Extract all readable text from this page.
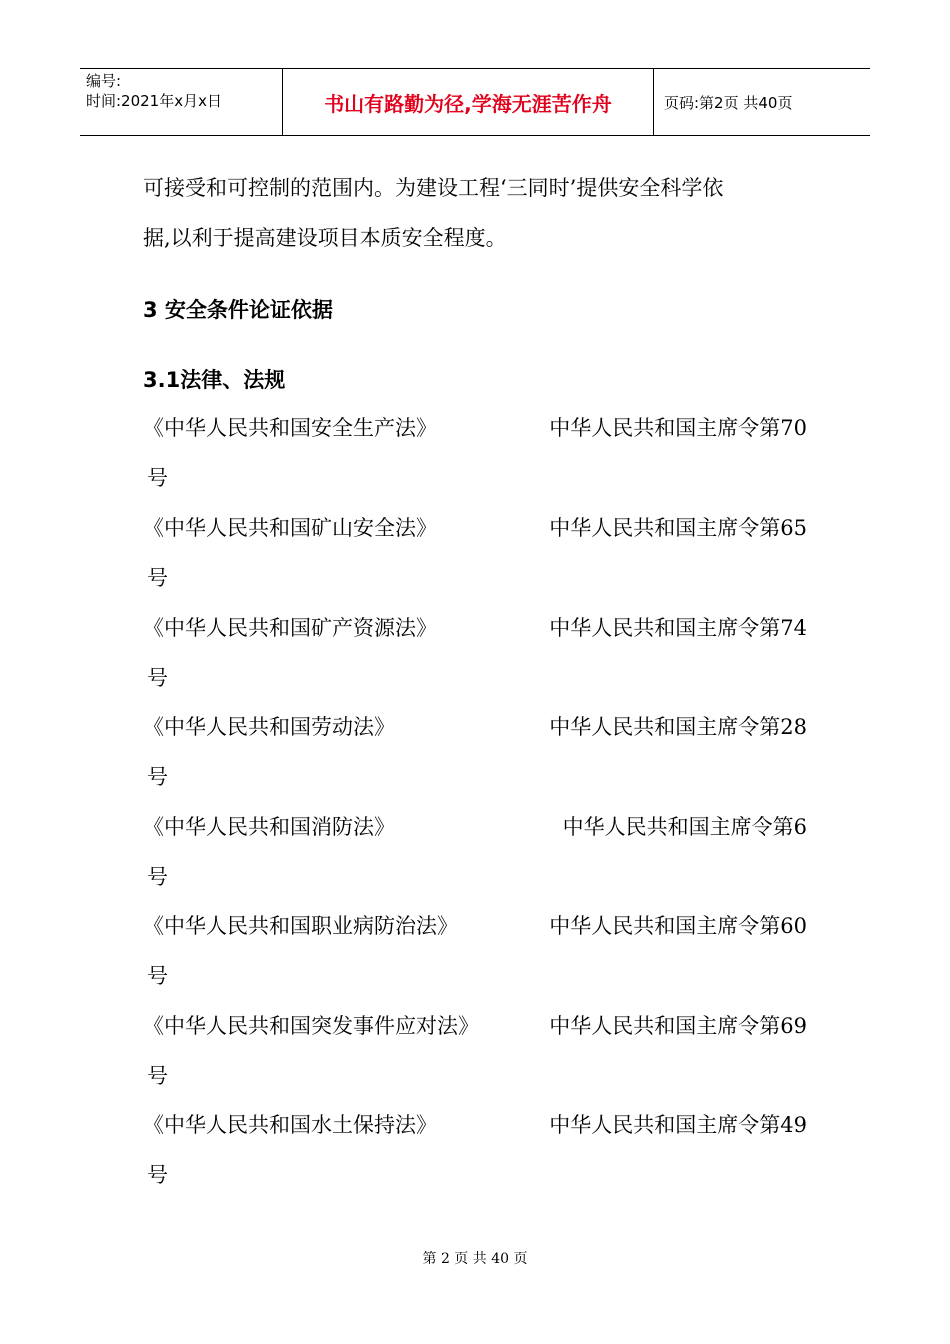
编号:
时间:2021年x月x日	书山有路勤为径,学海无涯苦作舟	页码:第2页 共40页
可接受和可控制的范围内。为建设工程‘三同时’提供安全科学依
据,以利于提高建设项目本质安全程度。
3 安全条件论证依据
3.1法律、法规
《中华人民共和国安全生产法》	中华人民共和国主席令第70
号
《中华人民共和国矿山安全法》	中华人民共和国主席令第65
号
《中华人民共和国矿产资源法》	中华人民共和国主席令第74
号
《中华人民共和国劳动法》	中华人民共和国主席令第28
号
《中华人民共和国消防法》	中华人民共和国主席令第6
号
《中华人民共和国职业病防治法》	中华人民共和国主席令第60
号
《中华人民共和国突发事件应对法》	中华人民共和国主席令第69
号
《中华人民共和国水土保持法》	中华人民共和国主席令第49
号
第 2 页 共 40 页
